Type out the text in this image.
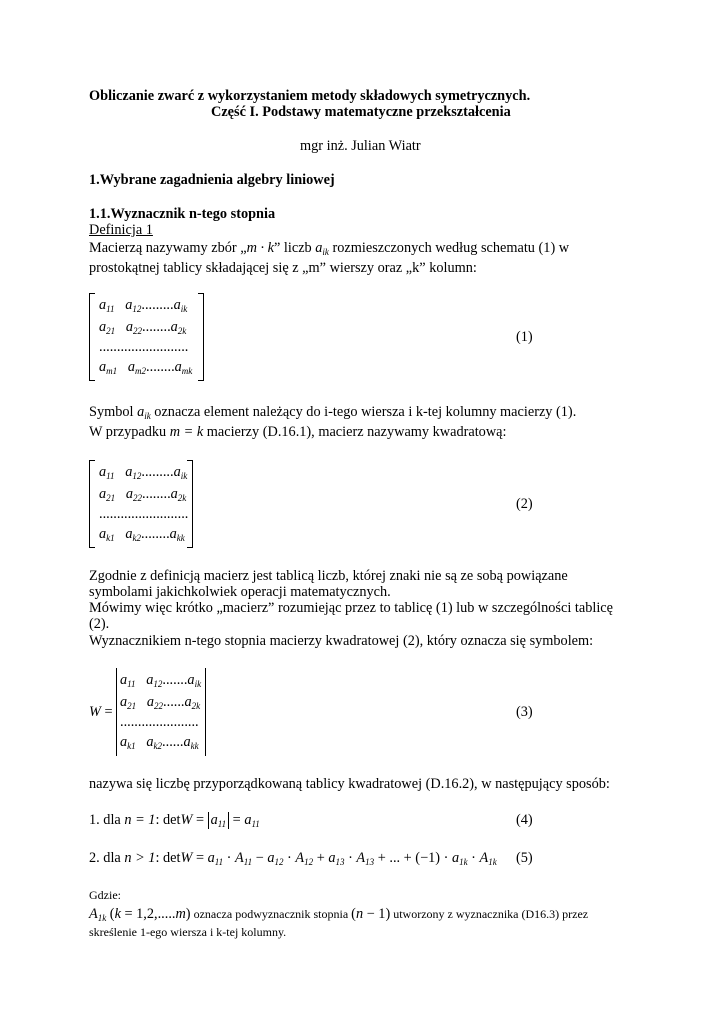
Obliczanie zwarć z wykorzystaniem metody składowych symetrycznych.
Część I. Podstawy matematyczne przekształcenia
mgr inż. Julian Wiatr
1.Wybrane zagadnienia algebry liniowej
1.1.Wyznacznik n-tego stopnia
Definicja 1
Macierzą nazywamy zbór „m · k” liczb $a_{ik}$ rozmieszczonych według schematu (1) w
prostokątnej tablicy składającej się z „m” wierszy oraz „k” kolumn:
$a_{11}$ $a_{12}.........a_{ik}$
$a_{21}$ $a_{22}........a_{2k}$
.........................
$a_{m1}$ $a_{m2}........a_{mk}$
(1)
Symbol $a_{ik}$ oznacza element należący do i-tego wiersza i k-tej kolumny macierzy (1).
W przypadku m = k macierzy (D.16.1), macierz nazywamy kwadratową:
$a_{11}$ $a_{12}.........a_{ik}$
$a_{21}$ $a_{22}........a_{2k}$
.........................
$a_{k1}$ $a_{k2}........a_{kk}$
(2)
Zgodnie z definicją macierz jest tablicą liczb, której znaki nie są ze sobą powiązane
symbolami jakichkolwiek operacji matematycznych.
Mówimy więc krótko „macierz” rozumiejąc przez to tablicę (1) lub w szczególności tablicę
(2).
Wyznacznikiem n-tego stopnia macierzy kwadratowej (2), który oznacza się symbolem:
W =
$a_{11}$ $a_{12}.......a_{ik}$
$a_{21}$ $a_{22}......a_{2k}$
......................
$a_{k1}$ $a_{k2}......a_{kk}$
(3)
nazywa się liczbę przyporządkowaną tablicy kwadratowej (D.16.2), w następujący sposób:
1. dla n = 1: $\det W = a_{11} = a_{11}$	(4)
2. dla n > 1: $\det W = a_{11} \cdot A_{11} - a_{12} \cdot A_{12} + a_{13} \cdot A_{13}$ + ... + $(-1) \cdot a_{1k} \cdot A_{1k}$ (5)
Gdzie:
$A_{1k}$ (k = 1,2,.....m) oznacza podwyznacznik stopnia (n − 1) utworzony z wyznacznika (D16.3) przez
skreślenie 1-ego wiersza i k-tej kolumny.
